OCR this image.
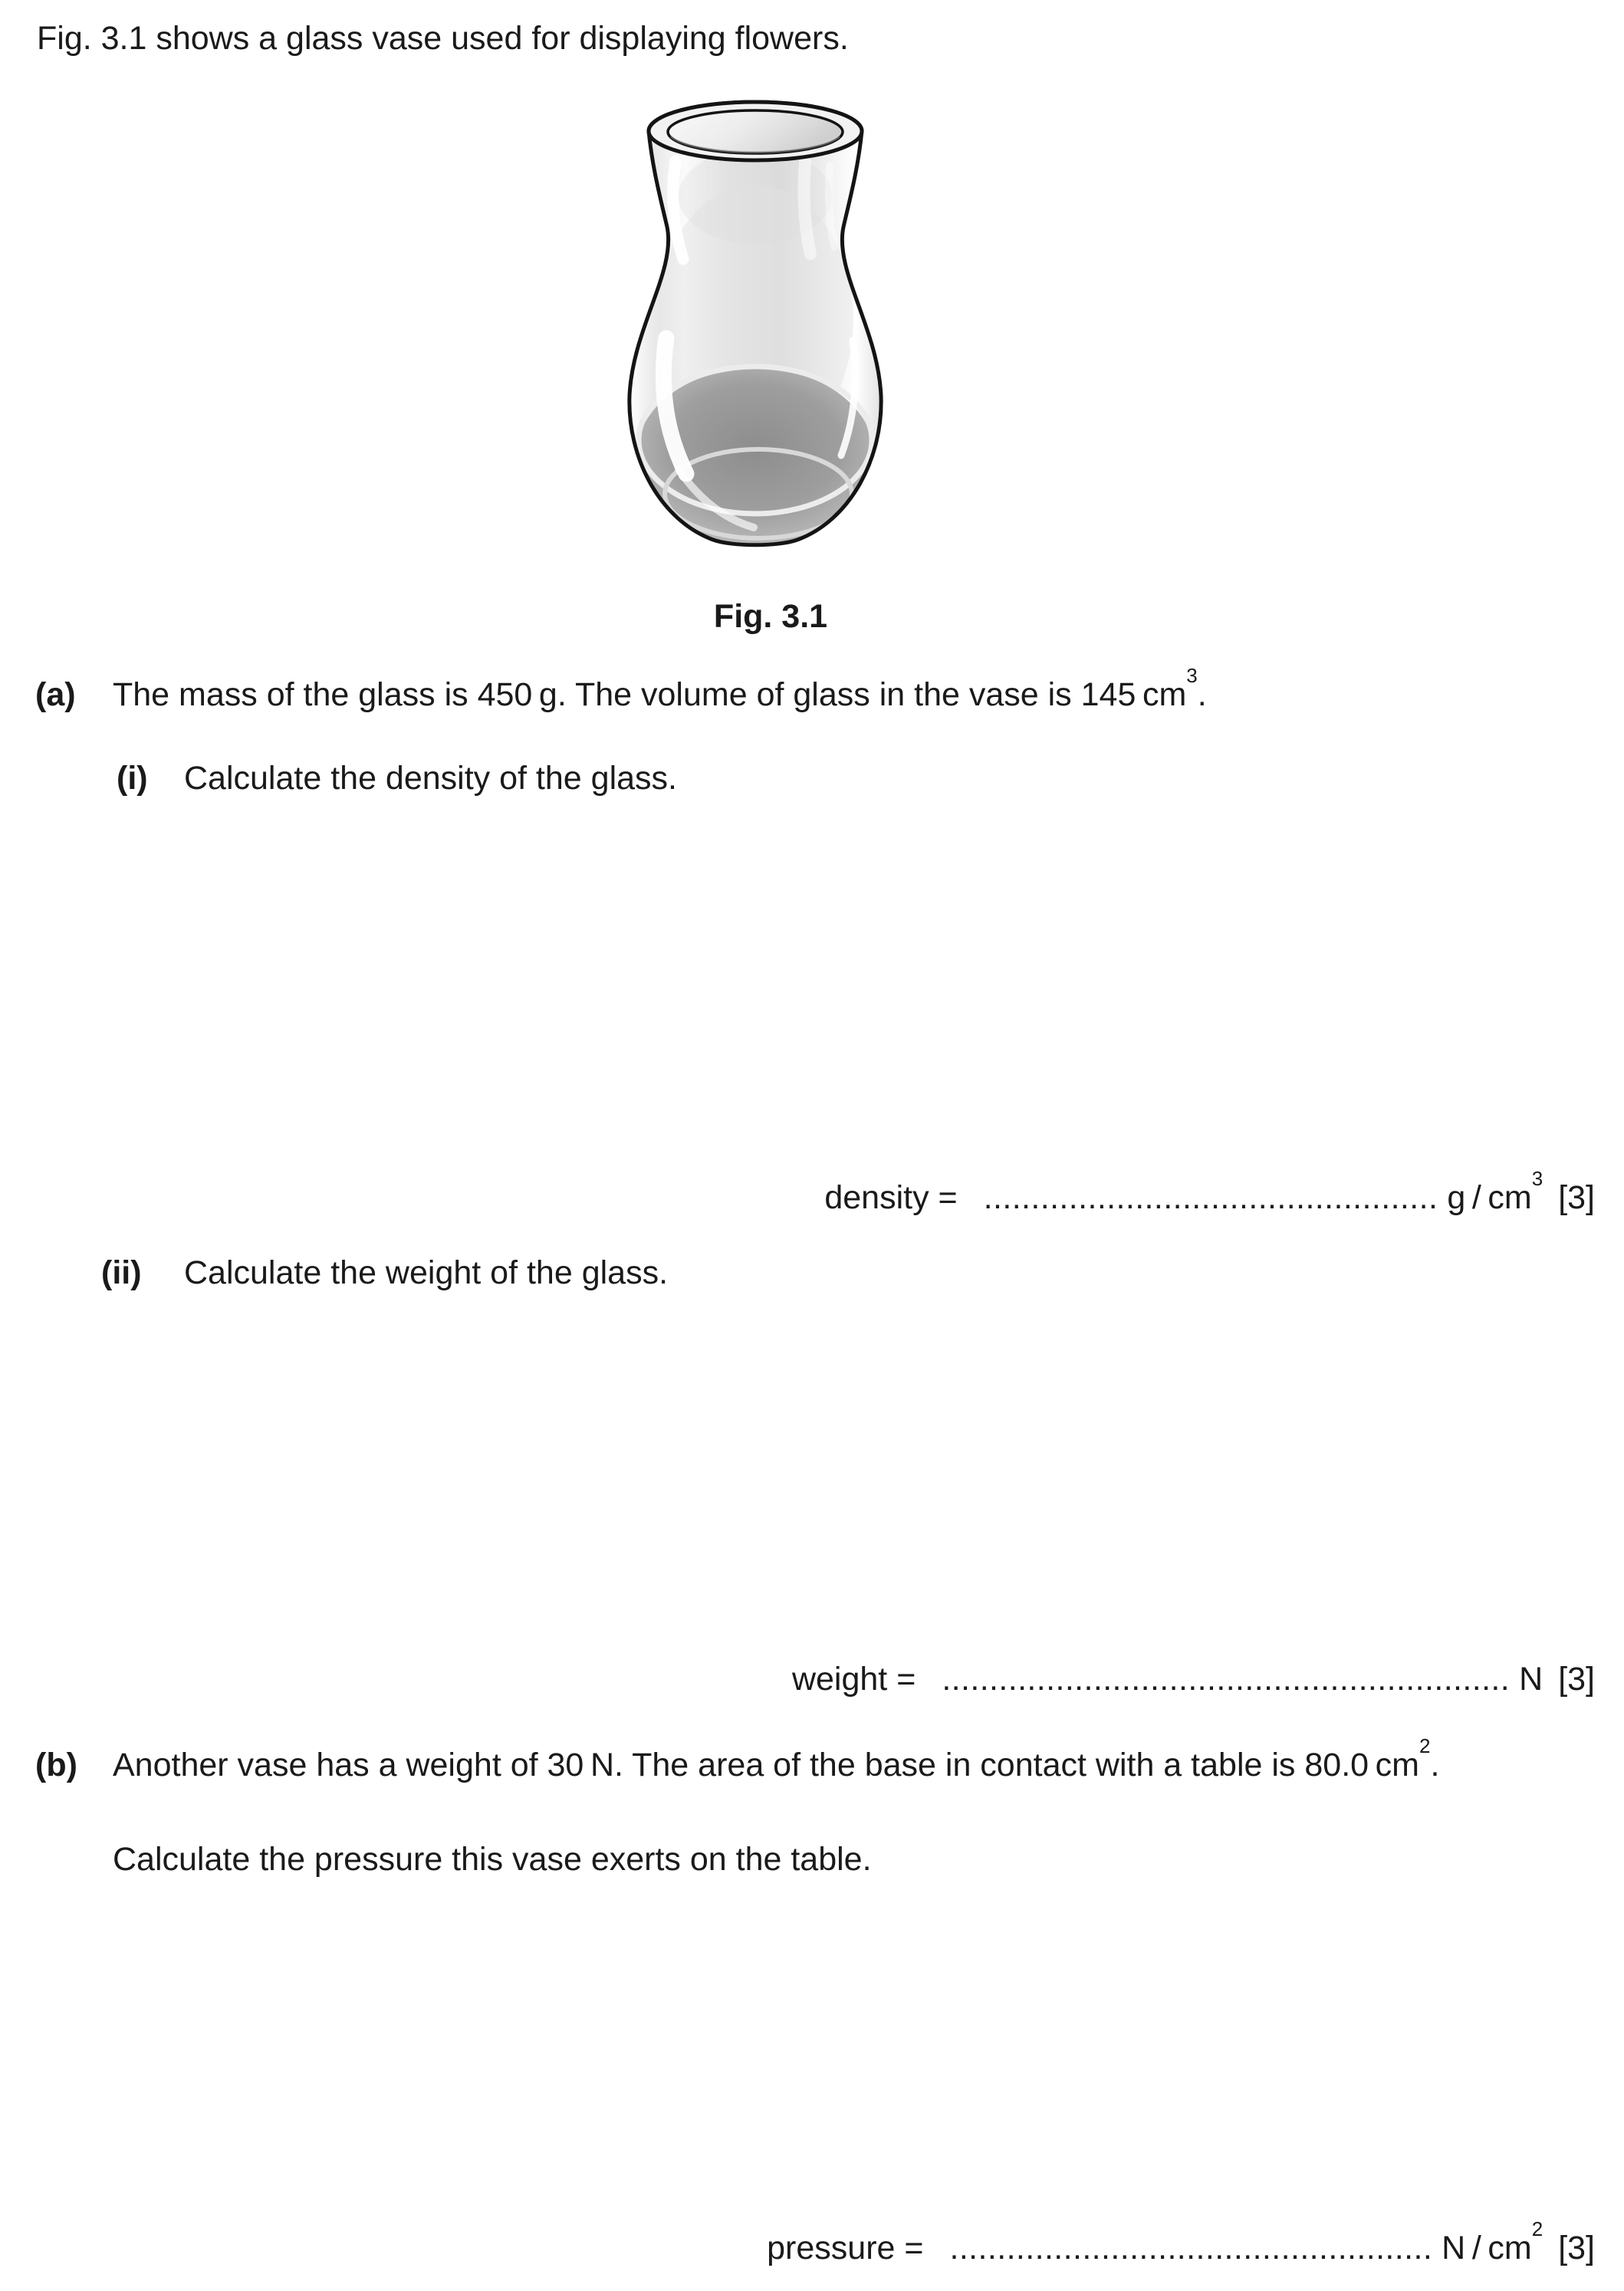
Fig. 3.1 shows a glass vase used for displaying flowers.
Fig. 3.1
(a) The mass of the glass is 450 g. The volume of glass in the vase is 145 $cm^3$.
(i) Calculate the density of the glass.
density = ................................................ g / $cm^3[3]$
(ii) Calculate the weight of the glass.
weight = ............................................................ N [3]
(b) Another vase has a weight of 30 N. The area of the base in contact with a table is 80.0 $cm^2$.
Calculate the pressure this vase exerts on the table.
pressure = ................................................... N / $cm^2[3]$
